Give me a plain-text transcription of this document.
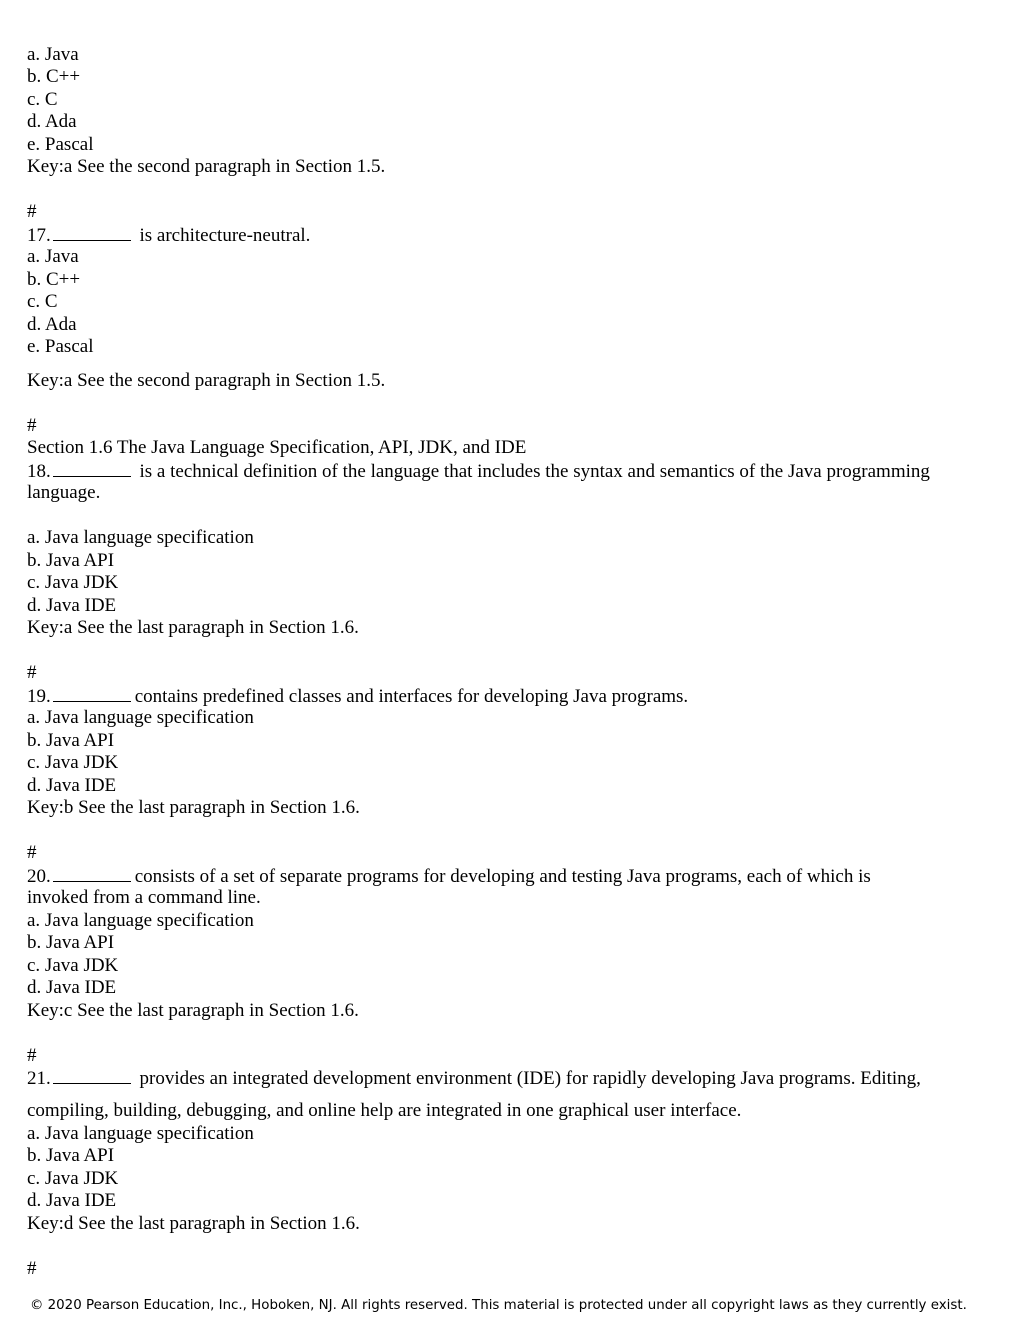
a. Java
b. C++
c. C
d. Ada
e. Pascal
Key:a See the second paragraph in Section 1.5.
#
17.	is architecture-neutral.
a. Java
b. C++
c. C
d. Ada
e. Pascal
Key:a See the second paragraph in Section 1.5.
#
Section 1.6 The Java Language Specification, API, JDK, and IDE
18.	is a technical definition of the language that includes the syntax and semantics of the Java programming
language.
a. Java language specification
b. Java API
c. Java JDK
d. Java IDE
Key:a See the last paragraph in Section 1.6.
#
19.	contains predefined classes and interfaces for developing Java programs.
a. Java language specification
b. Java API
c. Java JDK
d. Java IDE
Key:b See the last paragraph in Section 1.6.
#
20.	consists of a set of separate programs for developing and testing Java programs, each of which is
invoked from a command line.
a. Java language specification
b. Java API
c. Java JDK
d. Java IDE
Key:c See the last paragraph in Section 1.6.
#
21.	provides an integrated development environment (IDE) for rapidly developing Java programs. Editing,
compiling, building, debugging, and online help are integrated in one graphical user interface.
a. Java language specification
b. Java API
c. Java JDK
d. Java IDE
Key:d See the last paragraph in Section 1.6.
#
© 2020 Pearson Education, Inc., Hoboken, NJ. All rights reserved. This material is protected under all copyright laws as they currently exist.
